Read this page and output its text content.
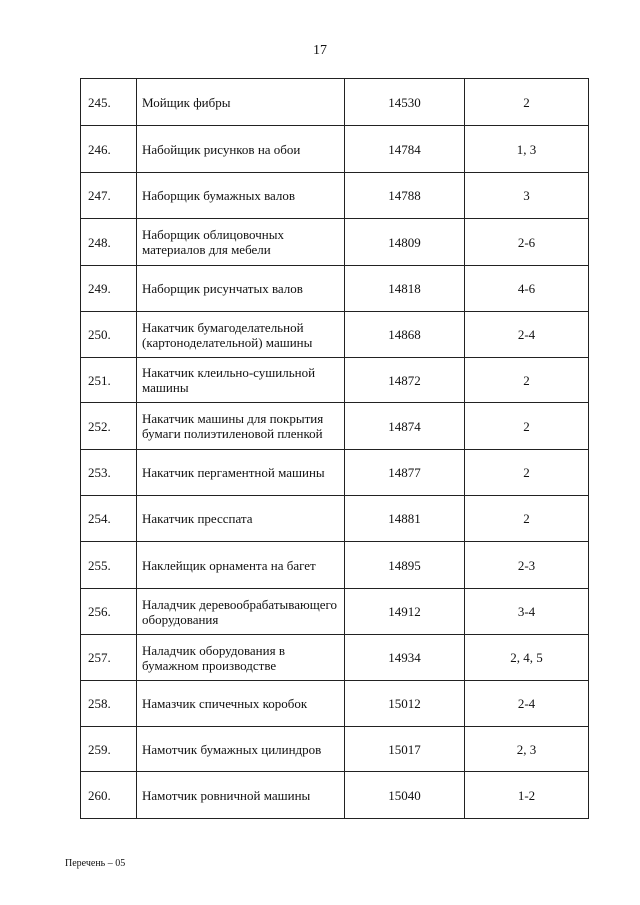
17
245.	Мойщик фибры	14530	2
246.	Набойщик рисунков на обои	14784	1, 3
247.	Наборщик бумажных валов	14788	3
248.	Наборщик облицовочных материалов для мебели	14809	2-6
249.	Наборщик рисунчатых валов	14818	4-6
250.	Накатчик бумагоделательной (картоноделательной) машины	14868	2-4
251.	Накатчик клеильно-сушильной машины	14872	2
252.	Накатчик машины для покрытия бумаги полиэтиленовой пленкой	14874	2
253.	Накатчик пергаментной машины	14877	2
254.	Накатчик пресспата	14881	2
255.	Наклейщик орнамента на багет	14895	2-3
256.	Наладчик деревообрабатывающего оборудования	14912	3-4
257.	Наладчик оборудования в бумажном производстве	14934	2, 4, 5
258.	Намазчик спичечных коробок	15012	2-4
259.	Намотчик бумажных цилиндров	15017	2, 3
260.	Намотчик ровничной машины	15040	1-2
Перечень – 05
